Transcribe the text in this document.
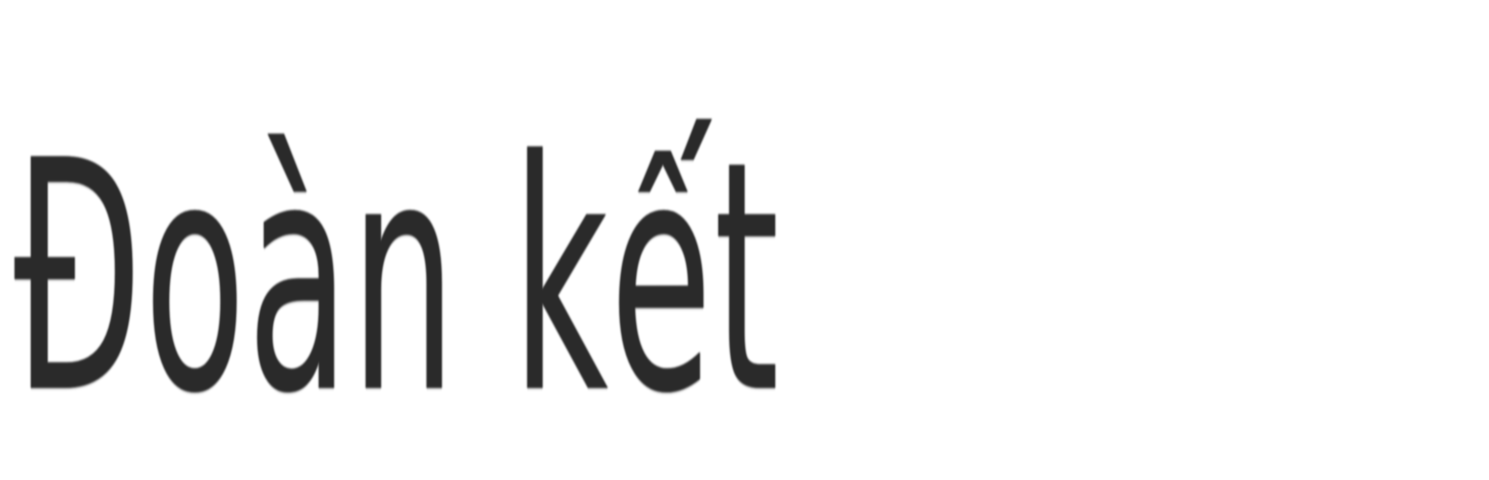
Đoàn kết
